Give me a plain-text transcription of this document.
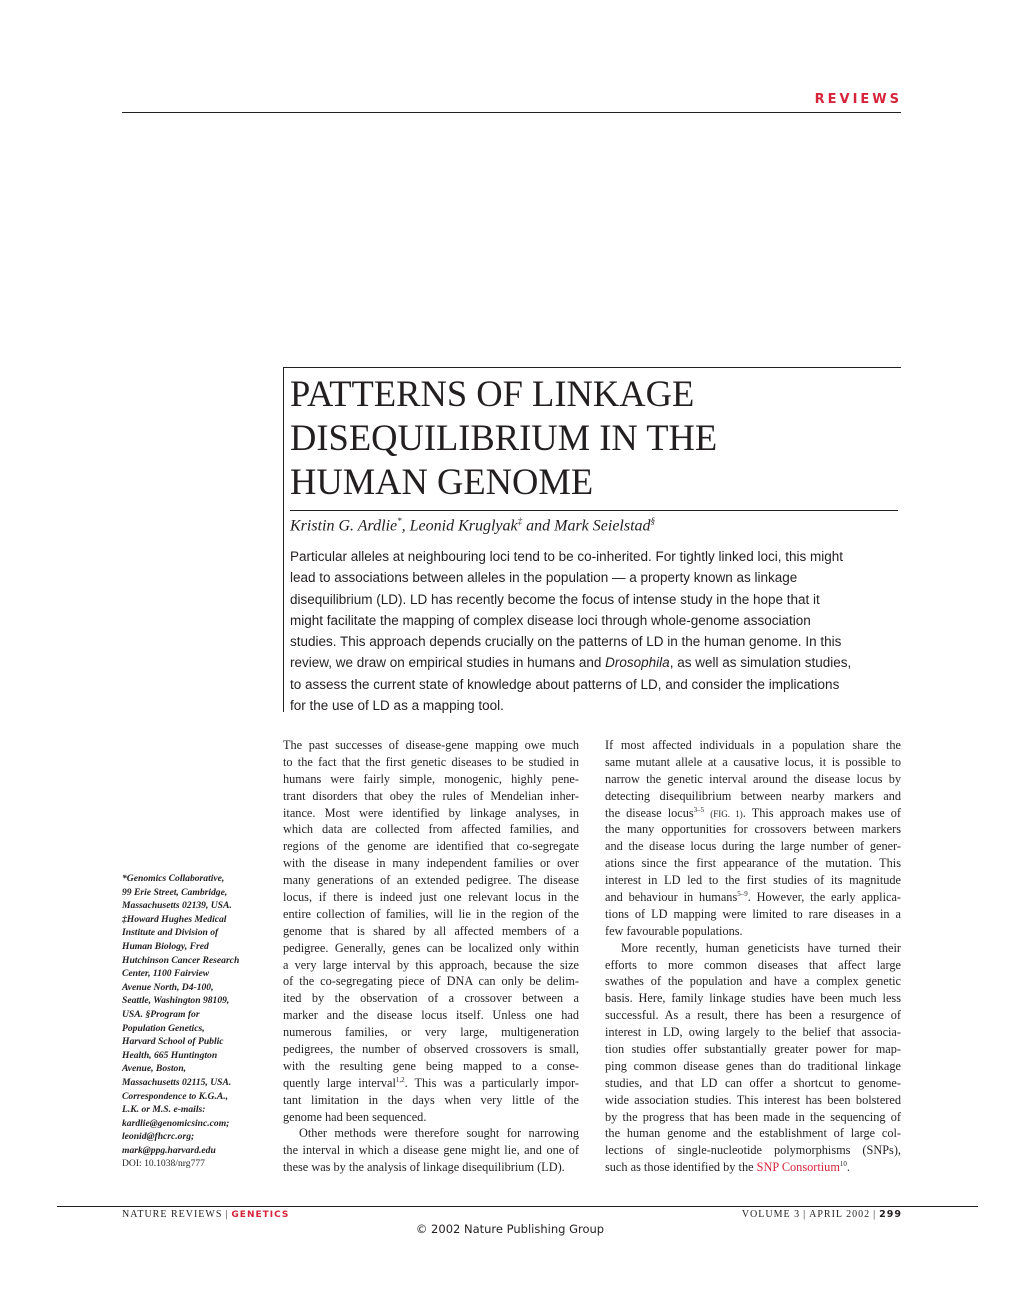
REVIEWS
PATTERNS OF LINKAGE
DISEQUILIBRIUM IN THE
HUMAN GENOME
Kristin G. Ardlie*, Leonid Kruglyak‡ and Mark Seielstad§
Particular alleles at neighbouring loci tend to be co-inherited. For tightly linked loci, this might
lead to associations between alleles in the population — a property known as linkage
disequilibrium (LD). LD has recently become the focus of intense study in the hope that it
might facilitate the mapping of complex disease loci through whole-genome association
studies. This approach depends crucially on the patterns of LD in the human genome. In this
review, we draw on empirical studies in humans and Drosophila, as well as simulation studies,
to assess the current state of knowledge about patterns of LD, and consider the implications
for the use of LD as a mapping tool.
The past successes of disease-gene mapping owe much
to the fact that the first genetic diseases to be studied in
humans were fairly simple, monogenic, highly pene-
trant disorders that obey the rules of Mendelian inher-
itance. Most were identified by linkage analyses, in
which data are collected from affected families, and
regions of the genome are identified that co-segregate
with the disease in many independent families or over
many generations of an extended pedigree. The disease
locus, if there is indeed just one relevant locus in the
entire collection of families, will lie in the region of the
genome that is shared by all affected members of a
pedigree. Generally, genes can be localized only within
a very large interval by this approach, because the size
of the co-segregating piece of DNA can only be delim-
ited by the observation of a crossover between a
marker and the disease locus itself. Unless one had
numerous families, or very large, multigeneration
pedigrees, the number of observed crossovers is small,
with the resulting gene being mapped to a conse-
quently large interval$^{1,2}$. This was a particularly impor-
tant limitation in the days when very little of the
genome had been sequenced.
Other methods were therefore sought for narrowing
the interval in which a disease gene might lie, and one of
these was by the analysis of linkage disequilibrium (LD).
If most affected individuals in a population share the
same mutant allele at a causative locus, it is possible to
narrow the genetic interval around the disease locus by
detecting disequilibrium between nearby markers and
the disease locus$^{3-5}$ (FIG. 1). This approach makes use of
the many opportunities for crossovers between markers
and the disease locus during the large number of gener-
ations since the first appearance of the mutation. This
interest in LD led to the first studies of its magnitude
and behaviour in humans$^{5-9}$. However, the early applica-
tions of LD mapping were limited to rare diseases in a
few favourable populations.
More recently, human geneticists have turned their
efforts to more common diseases that affect large
swathes of the population and have a complex genetic
basis. Here, family linkage studies have been much less
successful. As a result, there has been a resurgence of
interest in LD, owing largely to the belief that associa-
tion studies offer substantially greater power for map-
ping common disease genes than do traditional linkage
studies, and that LD can offer a shortcut to genome-
wide association studies. This interest has been bolstered
by the progress that has been made in the sequencing of
the human genome and the establishment of large col-
lections of single-nucleotide polymorphisms (SNPs),
such as those identified by the SNP Consortium$^{10}$.
*Genomics Collaborative,
99 Erie Street, Cambridge,
Massachusetts 02139, USA.
‡Howard Hughes Medical
Institute and Division of
Human Biology, Fred
Hutchinson Cancer Research
Center, 1100 Fairview
Avenue North, D4-100,
Seattle, Washington 98109,
USA. §Program for
Population Genetics,
Harvard School of Public
Health, 665 Huntington
Avenue, Boston,
Massachusetts 02115, USA.
Correspondence to K.G.A.,
L.K. or M.S. e-mails:
kardlie@genomicsinc.com;
leonid@fhcrc.org;
mark@ppg.harvard.edu
DOI: 10.1038/nrg777
NATURE REVIEWS | GENETICS	VOLUME 3 | APRIL 2002 | 299
© 2002 Nature Publishing Group
